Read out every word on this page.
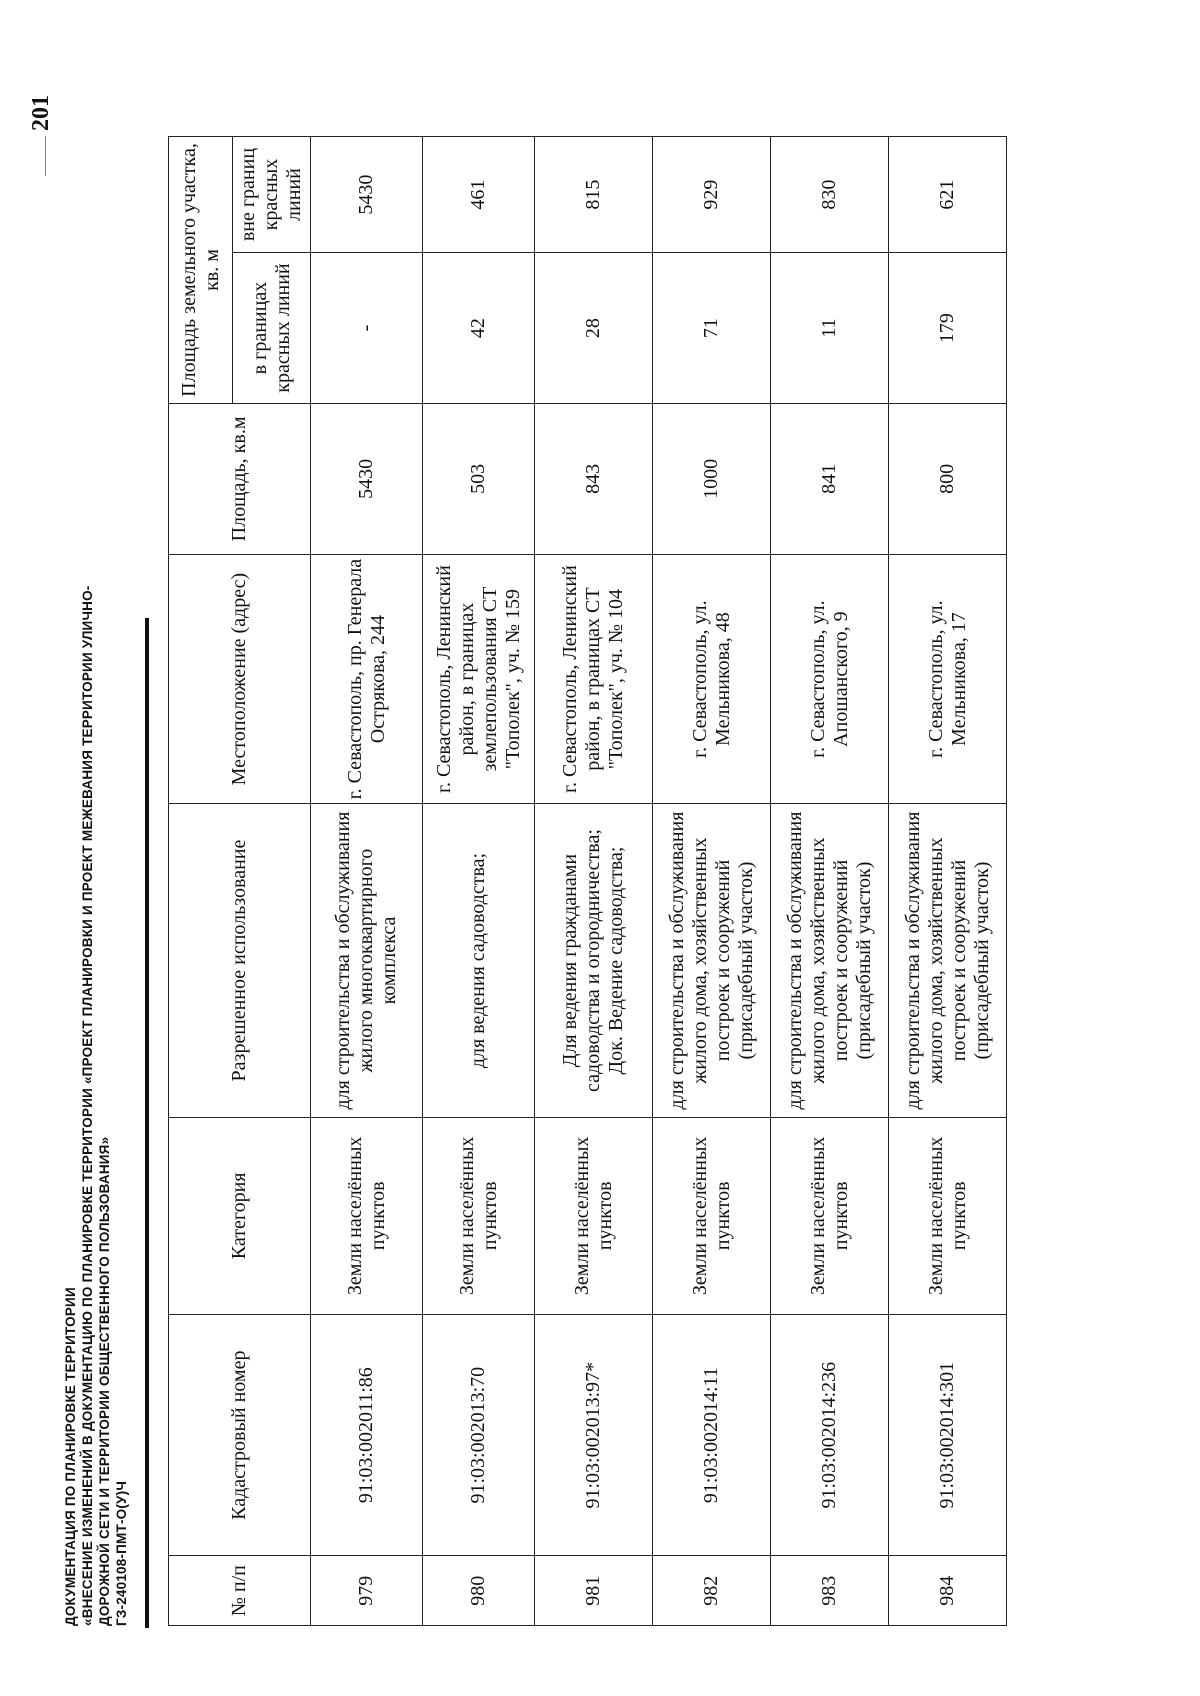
201
ДОКУМЕНТАЦИЯ ПО ПЛАНИРОВКЕ ТЕРРИТОРИИ «ВНЕСЕНИЕ ИЗМЕНЕНИЙ В ДОКУМЕНТАЦИЮ ПО ПЛАНИРОВКЕ ТЕРРИТОРИИ «ПРОЕКТ ПЛАНИРОВКИ И ПРОЕКТ МЕЖЕВАНИЯ ТЕРРИТОРИИ УЛИЧНО- ДОРОЖНОЙ СЕТИ И ТЕРРИТОРИИ ОБЩЕСТВЕННОГО ПОЛЬЗОВАНИЯ» ГЗ-240108-ПМТ-О(У)Ч	№ п/п	Кадастровый номер	Категория	Разрешенное использование	Местоположение (адрес)	Площадь, кв.м	Площадь земельного участка, кв. м	
						в границах красных линий	вне границ красных линий
979	91:03:002011:86	Земли населённых пунктов	для строительства и обслуживания жилого многоквартирного комплекса	г. Севастополь, пр. Генерала Острякова, 244	5430	-	5430
980	91:03:002013:70	Земли населённых пунктов	для ведения садоводства;	г. Севастополь, Ленинский район, в границах землепользования СТ "Тополек", уч. № 159	503	42	461
981	91:03:002013:97*	Земли населённых пунктов	Для ведения гражданами садоводства и огородничества; Док. Ведение садоводства;	г. Севастополь, Ленинский район, в границах СТ "Тополек", уч. № 104	843	28	815
982	91:03:002014:11	Земли населённых пунктов	для строительства и обслуживания жилого дома, хозяйственных построек и сооружений (присадебный участок)	г. Севастополь, ул. Мельникова, 48	1000	71	929
983	91:03:002014:236	Земли населённых пунктов	для строительства и обслуживания жилого дома, хозяйственных построек и сооружений (присадебный участок)	г. Севастополь, ул. Апошанского, 9	841	11	830
984	91:03:002014:301	Земли населённых пунктов	для строительства и обслуживания жилого дома, хозяйственных построек и сооружений (присадебный участок)	г. Севастополь, ул. Мельникова, 17	800	179	621
